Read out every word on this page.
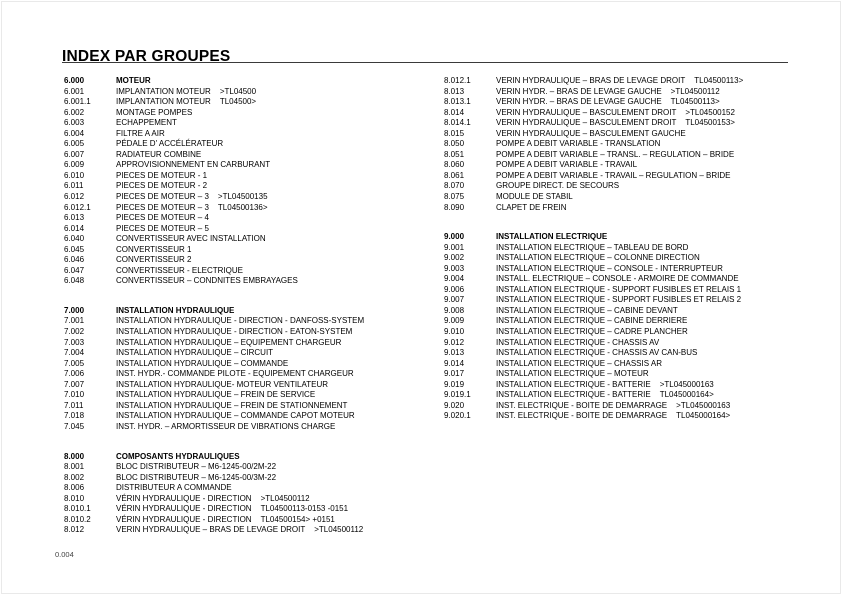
INDEX PAR GROUPES
6.000	MOTEUR
6.001	IMPLANTATION MOTEUR >TL04500
6.001.1	IMPLANTATION MOTEUR TL04500>
6.002	MONTAGE POMPES
6.003	ECHAPPEMENT
6.004	FILTRE A AIR
6.005	PÉDALE D' ACCÉLÉRATEUR
6.007	RADIATEUR COMBINE
6.009	APPROVISIONNEMENT EN CARBURANT
6.010	PIECES DE MOTEUR - 1
6.011	PIECES DE MOTEUR - 2
6.012	PIECES DE MOTEUR – 3 >TL04500135
6.012.1	PIECES DE MOTEUR – 3 TL04500136>
6.013	PIECES DE MOTEUR – 4
6.014	PIECES DE MOTEUR – 5
6.040	CONVERTISSEUR AVEC INSTALLATION
6.045	CONVERTISSEUR 1
6.046	CONVERTISSEUR 2
6.047	CONVERTISSEUR - ELECTRIQUE
6.048	CONVERTISSEUR – CONDNITES EMBRAYAGES
7.000	INSTALLATION HYDRAULIQUE
7.001	INSTALLATION HYDRAULIQUE - DIRECTION - DANFOSS-SYSTEM
7.002	INSTALLATION HYDRAULIQUE - DIRECTION - EATON-SYSTEM
7.003	INSTALLATION HYDRAULIQUE – EQUIPEMENT CHARGEUR
7.004	INSTALLATION HYDRAULIQUE – CIRCUIT
7.005	INSTALLATION HYDRAULIQUE – COMMANDE
7.006	INST. HYDR.- COMMANDE PILOTE - EQUIPEMENT CHARGEUR
7.007	INSTALLATION HYDRAULIQUE- MOTEUR VENTILATEUR
7.010	INSTALLATION HYDRAULIQUE – FREIN DE SERVICE
7.011	INSTALLATION HYDRAULIQUE – FREIN DE STATIONNEMENT
7.018	INSTALLATION HYDRAULIQUE – COMMANDE CAPOT MOTEUR
7.045	INST. HYDR. – ARMORTISSEUR DE VIBRATIONS CHARGE
8.000	COMPOSANTS HYDRAULIQUES
8.001	BLOC DISTRIBUTEUR – M6-1245-00/2M-22
8.002	BLOC DISTRIBUTEUR – M6-1245-00/3M-22
8.006	DISTRIBUTEUR A COMMANDE
8.010	VÉRIN HYDRAULIQUE - DIRECTION >TL04500112
8.010.1	VÉRIN HYDRAULIQUE - DIRECTION TL04500113-0153 -0151
8.010.2	VÉRIN HYDRAULIQUE - DIRECTION TL04500154> +0151
8.012	VERIN HYDRAULIQUE – BRAS DE LEVAGE DROIT >TL04500112
8.012.1	VERIN HYDRAULIQUE – BRAS DE LEVAGE DROIT TL04500113>
8.013	VERIN HYDR. – BRAS DE LEVAGE GAUCHE >TL04500112
8.013.1	VERIN HYDR. – BRAS DE LEVAGE GAUCHE TL04500113>
8.014	VERIN HYDRAULIQUE – BASCULEMENT DROIT >TL04500152
8.014.1	VERIN HYDRAULIQUE – BASCULEMENT DROIT TL04500153>
8.015	VERIN HYDRAULIQUE – BASCULEMENT GAUCHE
8.050	POMPE A DEBIT VARIABLE - TRANSLATION
8.051	POMPE A DEBIT VARIABLE – TRANSL. – REGULATION – BRIDE
8.060	POMPE A DEBIT VARIABLE - TRAVAIL
8.061	POMPE A DEBIT VARIABLE - TRAVAIL – REGULATION – BRIDE
8.070	GROUPE DIRECT. DE SECOURS
8.075	MODULE DE STABIL
8.090	CLAPET DE FREIN
9.000	INSTALLATION ELECTRIQUE
9.001	INSTALLATION ELECTRIQUE – TABLEAU DE BORD
9.002	INSTALLATION ELECTRIQUE – COLONNE DIRECTION
9.003	INSTALLATION ELECTRIQUE – CONSOLE - INTERRUPTEUR
9.004	INSTALL. ELECTRIQUE – CONSOLE - ARMOIRE DE COMMANDE
9.006	INSTALLATION ELECTRIQUE - SUPPORT FUSIBLES ET RELAIS 1
9.007	INSTALLATION ELECTRIQUE - SUPPORT FUSIBLES ET RELAIS 2
9.008	INSTALLATION ELECTRIQUE – CABINE DEVANT
9.009	INSTALLATION ELECTRIQUE – CABINE DERRIERE
9.010	INSTALLATION ELECTRIQUE – CADRE PLANCHER
9.012	INSTALLATION ELECTRIQUE - CHASSIS AV
9.013	INSTALLATION ELECTRIQUE - CHASSIS AV CAN-BUS
9.014	INSTALLATION ELECTRIQUE – CHASSIS AR
9.017	INSTALLATION ELECTRIQUE – MOTEUR
9.019	INSTALLATION ELECTRIQUE - BATTERIE >TL045000163
9.019.1	INSTALLATION ELECTRIQUE - BATTERIE TL045000164>
9.020	INST. ELECTRIQUE - BOITE DE DEMARRAGE >TL045000163
9.020.1	INST. ELECTRIQUE - BOITE DE DEMARRAGE TL045000164>
0.004
